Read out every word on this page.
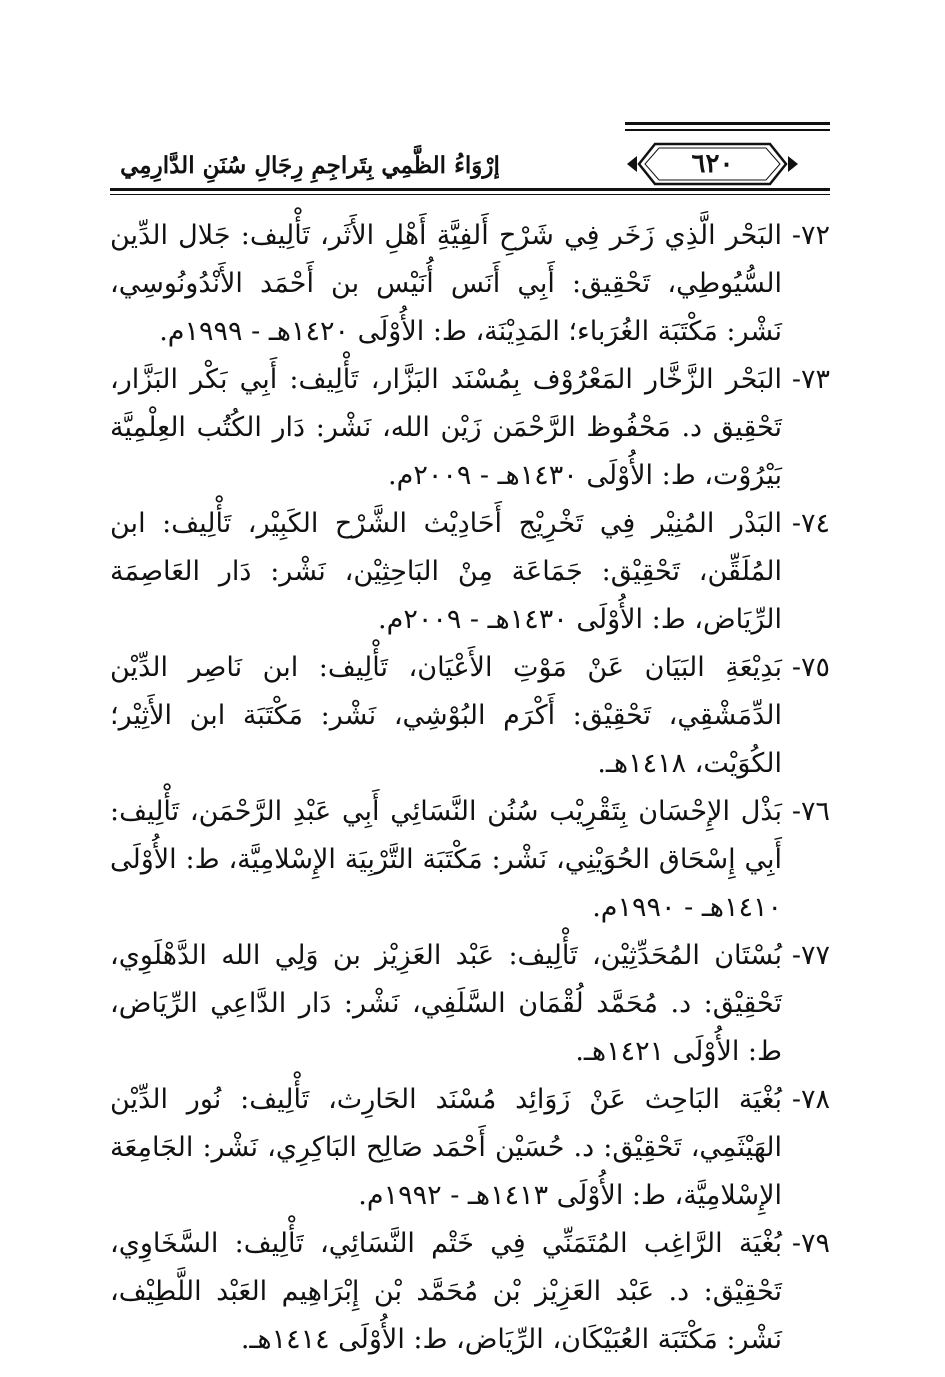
٦٢٠
إرْوَاءُ الظَّمِي بِتَراجِمِ رِجَالِ سُنَنِ الدَّارِمِي

٧٢-
البَحْر الَّذِي زَخَر فِي شَرْحِ أَلفِيَّةِ أَهْلِ الأَثَر، تَأْلِيف: جَلال الدِّين السُّيُوطِي، تَحْقِيق: أَبِي أَنَس أُنَيْس بن أَحْمَد الأَنْدُونُوسِي، نَشْر: مَكْتَبَة الغُرَباء؛ المَدِيْنَة، ط: الأُوْلَى ١٤٢٠هـ - ١٩٩٩م.

٧٣-
البَحْر الزَّخَّار المَعْرُوْف بِمُسْنَد البَزَّار، تَأْلِيف: أَبِي بَكْر البَزَّار، تَحْقِيق د. مَحْفُوظ الرَّحْمَن زَيْن الله، نَشْر: دَار الكُتُب العِلْمِيَّة بَيْرُوْت، ط: الأُوْلَى ١٤٣٠هـ - ٢٠٠٩م.

٧٤-
البَدْر المُنِيْر فِي تَخْرِيْج أَحَادِيْث الشَّرْح الكَبِيْر، تَأْلِيف: ابن المُلَقِّن، تَحْقِيْق: جَمَاعَة مِنْ البَاحِثِيْن، نَشْر: دَار العَاصِمَة الرِّيَاض، ط: الأُوْلَى ١٤٣٠هـ - ٢٠٠٩م.

٧٥-
بَدِيْعَةِ البَيَان عَنْ مَوْتِ الأَعْيَان، تَأْلِيف: ابن نَاصِر الدِّيْن الدِّمَشْقِي، تَحْقِيْق: أَكْرَم البُوْشِي، نَشْر: مَكْتَبَة ابن الأَثِيْر؛ الكُوَيْت، ١٤١٨هـ.

٧٦-
بَذْل الإِحْسَان بِتَقْرِيْب سُنُن النَّسَائِي أَبِي عَبْدِ الرَّحْمَن، تَأْلِيف: أَبِي إِسْحَاق الحُوَيْنِي، نَشْر: مَكْتَبَة التَّرْبِيَة الإِسْلامِيَّة، ط: الأُوْلَى ١٤١٠هـ - ١٩٩٠م.

٧٧-
بُسْتَان المُحَدِّثِيْن، تَأْلِيف: عَبْد العَزِيْز بن وَلِي الله الدَّهْلَوِي، تَحْقِيْق: د. مُحَمَّد لُقْمَان السَّلَفِي، نَشْر: دَار الدَّاعِي الرِّيَاض، ط: الأُوْلَى ١٤٢١هـ.

٧٨-
بُغْيَة البَاحِث عَنْ زَوَائِد مُسْنَد الحَارِث، تَأْلِيف: نُور الدِّيْن الهَيْثَمِي، تَحْقِيْق: د. حُسَيْن أَحْمَد صَالِح البَاكِرِي، نَشْر: الجَامِعَة الإِسْلامِيَّة، ط: الأُوْلَى ١٤١٣هـ - ١٩٩٢م.

٧٩-
بُغْيَة الرَّاغِب المُتَمَنِّي فِي خَتْم النَّسَائِي، تَأْلِيف: السَّخَاوِي، تَحْقِيْق: د. عَبْد العَزِيْز بْن مُحَمَّد بْن إِبْرَاهِيم العَبْد اللَّطِيْف، نَشْر: مَكْتَبَة العُبَيْكَان، الرِّيَاض، ط: الأُوْلَى ١٤١٤هـ.
